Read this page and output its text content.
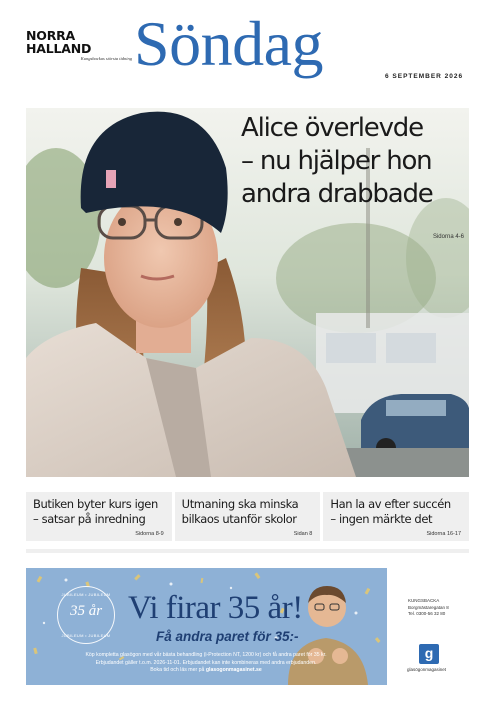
NORRA HALLAND
Kungsbackas största tidning Söndag	6 SEPTEMBER 2026
Alice överlevde
– nu hjälper hon
andra drabbade
Sidorna 4-6
Butiken byter kurs igen
– satsar på inredning
Sidorna 8-9
Utmaning ska minska
bilkaos utanför skolor
Sidan 8
Han la av efter succén
– ingen märkte det
Sidorna 16-17
JUBILEUM • JUBILEUM
35 år
JUBILEUM • JUBILEUM
Vi firar 35 år!
Få andra paret för 35:-
Köp kompletta glasögon med vår bästa behandling (i-Protection NT, 1200 kr) och få andra paret för 35 kr.
Erbjudandet gäller t.o.m. 2026-11-01. Erbjudandet kan inte kombineras med andra erbjudanden.
Boka tid och läs mer på glasogonmagasinet.se
KUNGSBACKA
Borgmästaregatan 8
Tel. 0300-56 32 80
g
glasögonmagasinet
